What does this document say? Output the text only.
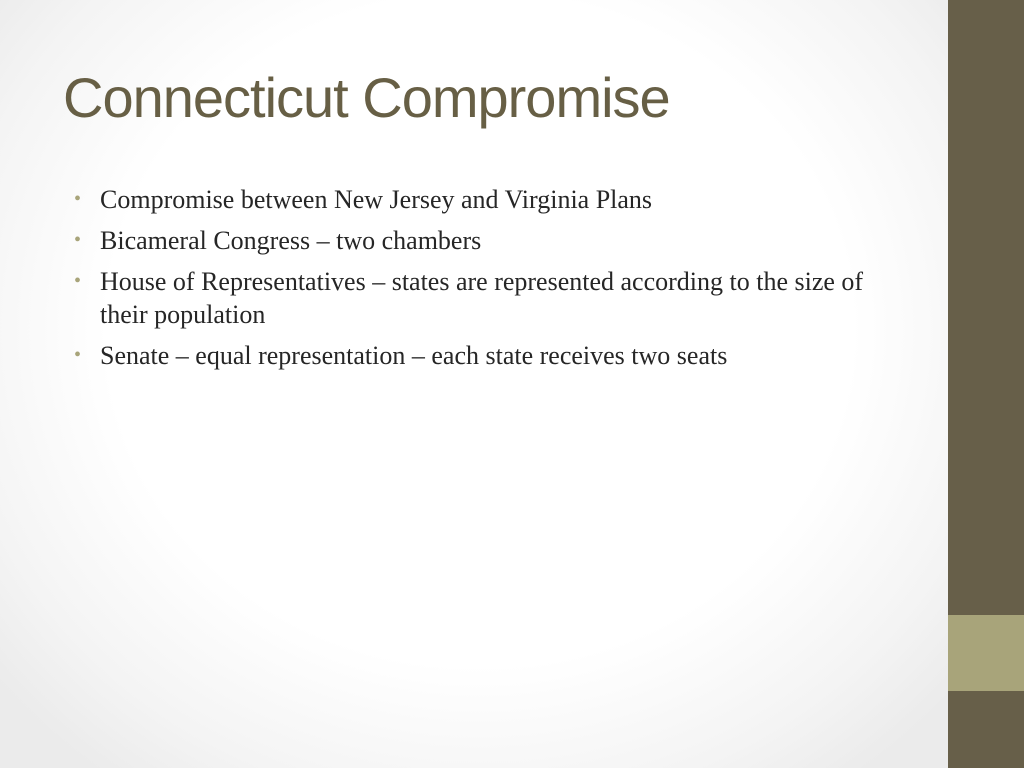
Connecticut Compromise
• Compromise between New Jersey and Virginia Plans
• Bicameral Congress – two chambers
• House of Representatives – states are represented according to the size of their population
• Senate – equal representation – each state receives two seats
